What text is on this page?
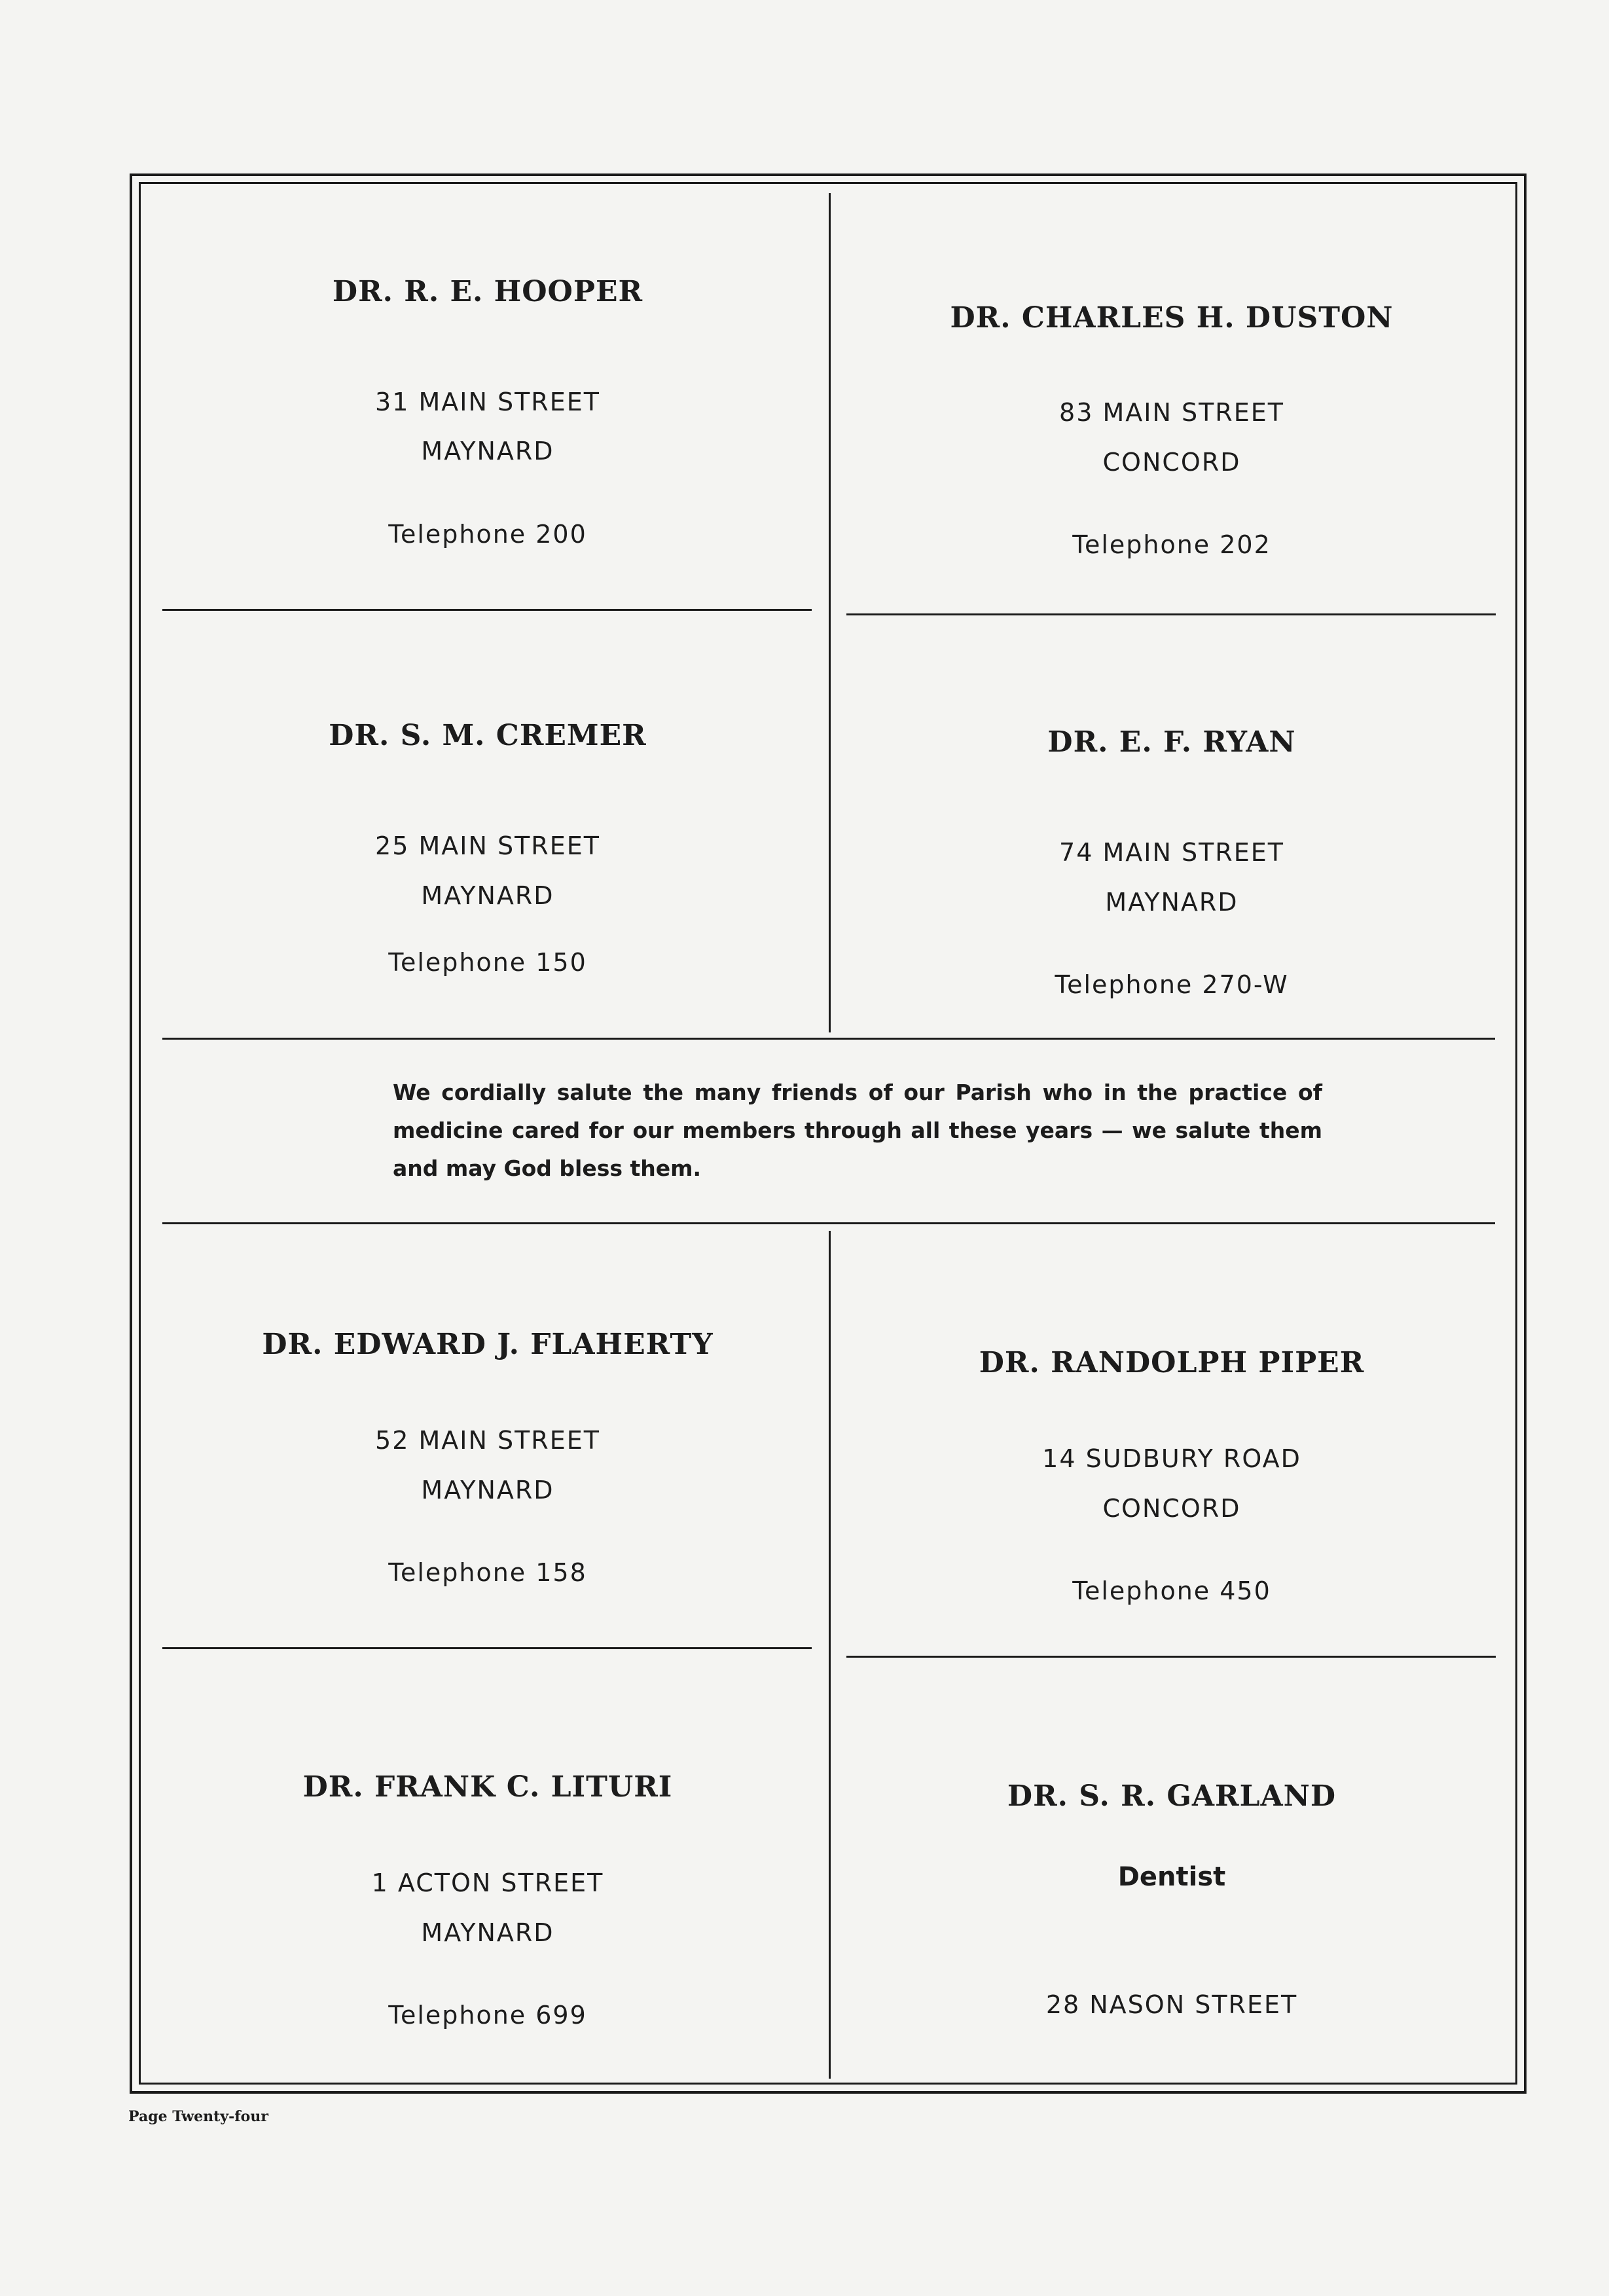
DR. R. E. HOOPER
31 MAIN STREET
MAYNARD
Telephone 200
DR. CHARLES H. DUSTON
83 MAIN STREET
CONCORD
Telephone 202
DR. S. M. CREMER
25 MAIN STREET
MAYNARD
Telephone 150
DR. E. F. RYAN
74 MAIN STREET
MAYNARD
Telephone 270-W
We cordially salute the many friends of our Parish who in the practice of medicine cared for our members through all these years — we salute them and may God bless them.
DR. EDWARD J. FLAHERTY
52 MAIN STREET
MAYNARD
Telephone 158
DR. RANDOLPH PIPER
14 SUDBURY ROAD
CONCORD
Telephone 450
DR. FRANK C. LITURI
1 ACTON STREET
MAYNARD
Telephone 699
DR. S. R. GARLAND
Dentist
28 NASON STREET
Page Twenty-four
